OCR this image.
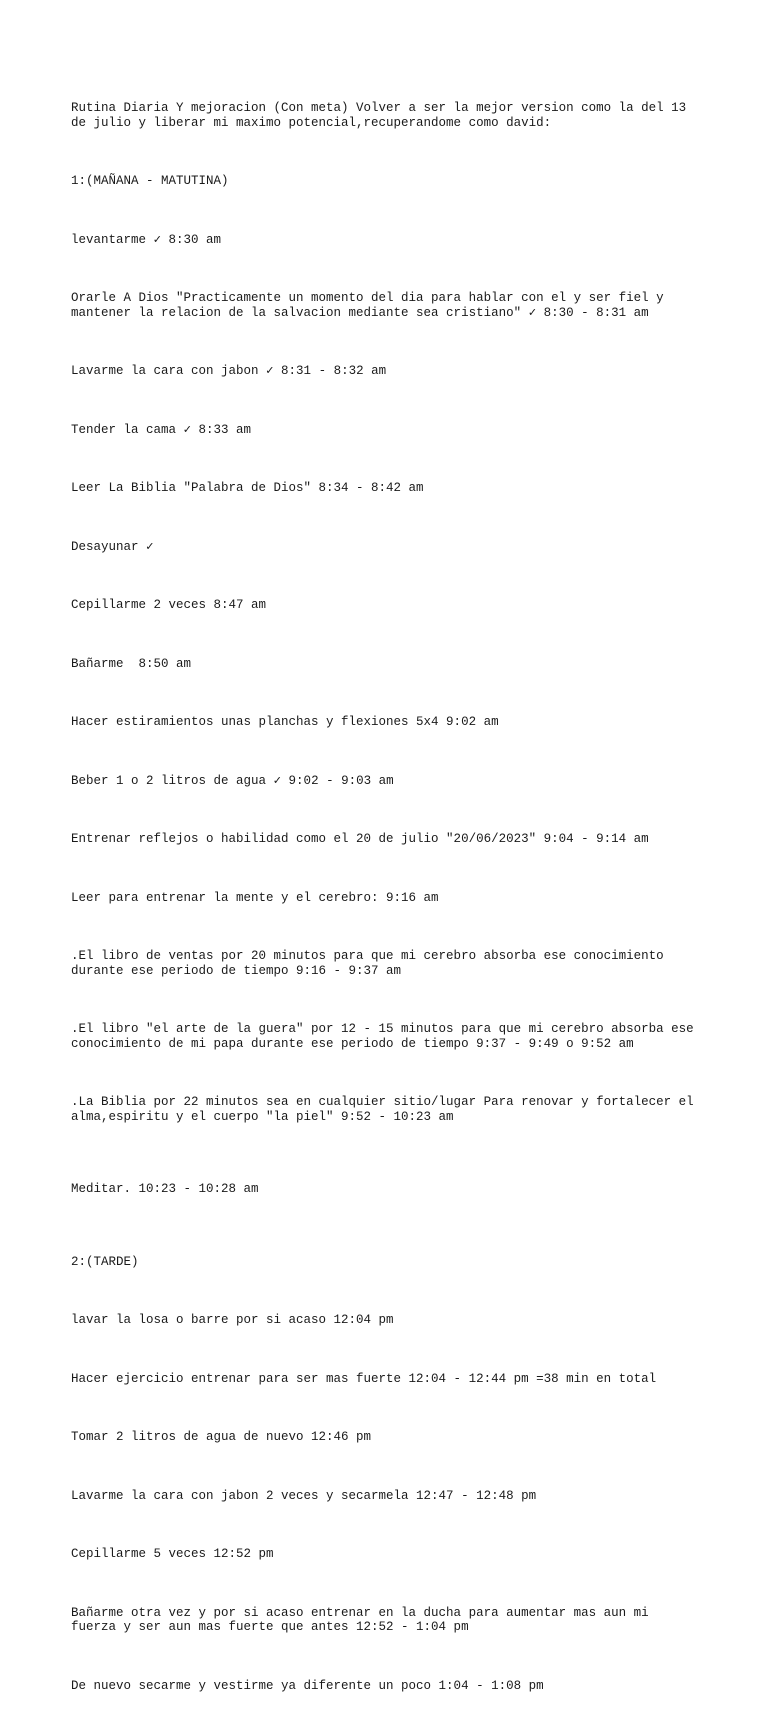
Rutina Diaria Y mejoracion (Con meta) Volver a ser la mejor version como la del 13
de julio y liberar mi maximo potencial,recuperandome como david:

1:(MAÑANA - MATUTINA)

levantarme ✓ 8:30 am

Orarle A Dios "Practicamente un momento del dia para hablar con el y ser fiel y
mantener la relacion de la salvacion mediante sea cristiano" ✓ 8:30 - 8:31 am

Lavarme la cara con jabon ✓ 8:31 - 8:32 am

Tender la cama ✓ 8:33 am

Leer La Biblia "Palabra de Dios" 8:34 - 8:42 am

Desayunar ✓

Cepillarme 2 veces 8:47 am

Bañarme  8:50 am

Hacer estiramientos unas planchas y flexiones 5x4 9:02 am

Beber 1 o 2 litros de agua ✓ 9:02 - 9:03 am

Entrenar reflejos o habilidad como el 20 de julio "20/06/2023" 9:04 - 9:14 am

Leer para entrenar la mente y el cerebro: 9:16 am

.El libro de ventas por 20 minutos para que mi cerebro absorba ese conocimiento
durante ese periodo de tiempo 9:16 - 9:37 am

.El libro "el arte de la guera" por 12 - 15 minutos para que mi cerebro absorba ese
conocimiento de mi papa durante ese periodo de tiempo 9:37 - 9:49 o 9:52 am

.La Biblia por 22 minutos sea en cualquier sitio/lugar Para renovar y fortalecer el
alma,espiritu y el cuerpo "la piel" 9:52 - 10:23 am

Meditar. 10:23 - 10:28 am

2:(TARDE)

lavar la losa o barre por si acaso 12:04 pm

Hacer ejercicio entrenar para ser mas fuerte 12:04 - 12:44 pm =38 min en total

Tomar 2 litros de agua de nuevo 12:46 pm

Lavarme la cara con jabon 2 veces y secarmela 12:47 - 12:48 pm

Cepillarme 5 veces 12:52 pm

Bañarme otra vez y por si acaso entrenar en la ducha para aumentar mas aun mi
fuerza y ser aun mas fuerte que antes 12:52 - 1:04 pm

De nuevo secarme y vestirme ya diferente un poco 1:04 - 1:08 pm
